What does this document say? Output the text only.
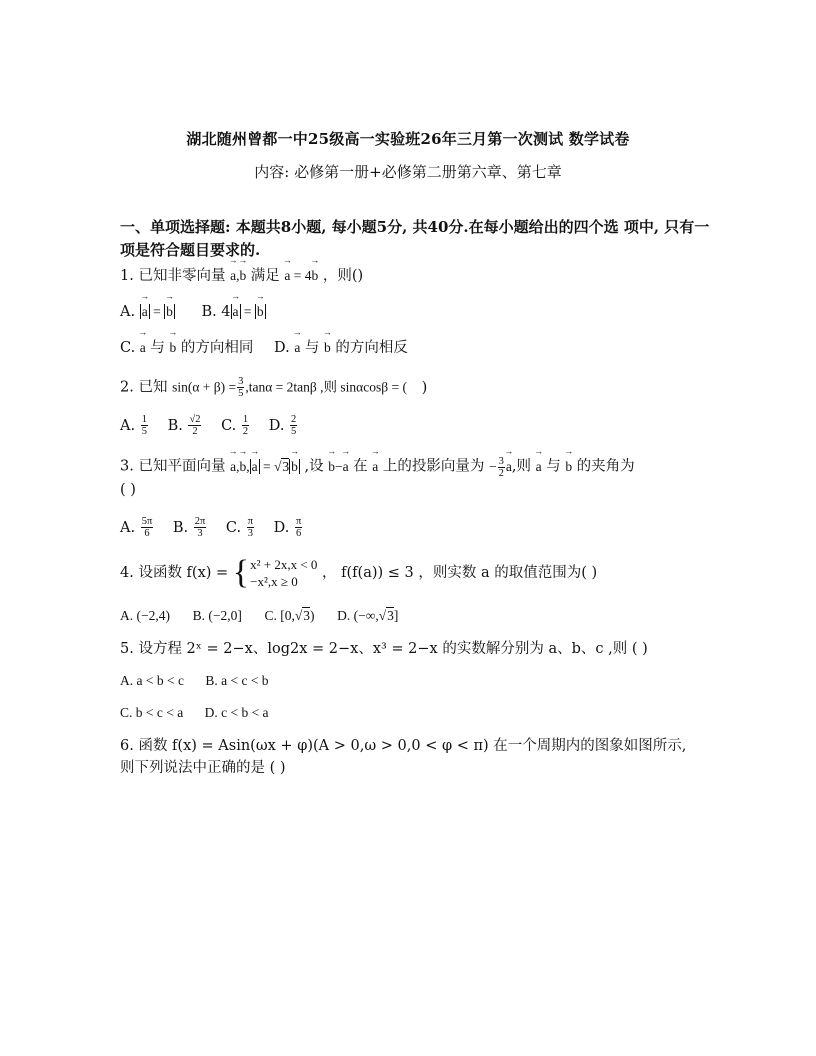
湖北随州曾都一中25级高一实验班26年三月第一次测试 数学试卷
内容: 必修第一册+必修第二册第六章、第七章
一、单项选择题: 本题共8小题, 每小题5分, 共40分.在每小题给出的四个选 项中, 只有一项是符合题目要求的.
1. 已知非零向量 → a,→ b 满足 → a = 4→ b ，则()
A. → a = → b B. 4→ a = → b
C. → a 与 → b 的方向相同 D. → a 与 → b 的方向相反
2. 已知 $\sin(\alpha + \beta) = \frac{3}{5} ,\tan\alpha = 2\tan\beta$ ,则 sinαcosβ = ( )
A. $\frac{1}{5} B$. $\frac{√2}{2} C$. $\frac{1}{2} D$. $\frac{2}{5}$
3. 已知平面向量 → a,→ b,→ a = √3→ b ,设 → b−→ a 在 → a 上的投影向量为 − $\frac{3}{2}$
→ a,则 → a 与 → b 的夹角为
( )
A. $\frac{5\pi}{6} B$. $\frac{2\pi}{3} C$. $\frac{\pi}{3} D$. $\frac{\pi}{6}$
4. 设函数 f(x) = { x² + 2x,x < 0
−x²,x ≥ 0
， f(f(a)) ≤ 3 ，则实数 a 的取值范围为( )
A. (−2,4) B. (−2,0] C. [0,√3) D. (−∞,√3]
5. 设方程 2ˣ = 2−x、log2x = 2−x、x³ = 2−x 的实数解分别为 a、b、c ,则 ( )
A. a < b < c B. a < c < b
C. b < c < a D. c < b < a
6. 函数 f(x) = Asin(ωx + φ)(A > 0,ω > 0,0 < φ < π) 在一个周期内的图象如图所示,则下列说法中正确的是 ( )
